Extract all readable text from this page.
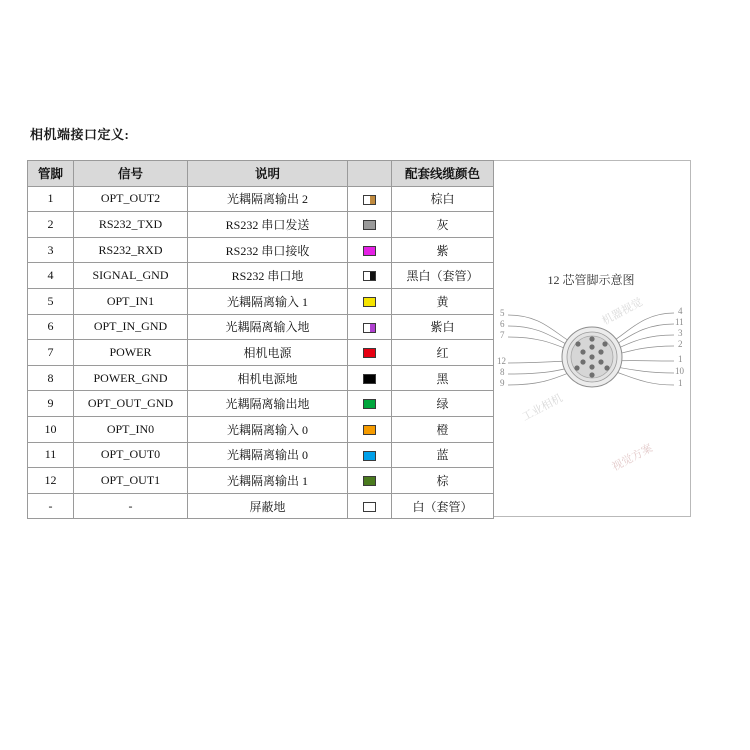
相机端接口定义:
管脚	信号	说明		配套线缆颜色
1	OPT_OUT2	光耦隔离输出 2		棕白
2	RS232_TXD	RS232 串口发送		灰
3	RS232_RXD	RS232 串口接收		紫
4	SIGNAL_GND	RS232 串口地		黑白（套管）
5	OPT_IN1	光耦隔离输入 1		黄
6	OPT_IN_GND	光耦隔离输入地		紫白
7	POWER	相机电源		红
8	POWER_GND	相机电源地		黑
9	OPT_OUT_GND	光耦隔离输出地		绿
10	OPT_IN0	光耦隔离输入 0		橙
11	OPT_OUT0	光耦隔离输出 0		蓝
12	OPT_OUT1	光耦隔离输出 1		棕
-	-	屏蔽地		白（套管）
5
6
7
12
8
9
4
11
3
2
1
10
1
12 芯管脚示意图
机器视觉
工业相机
视觉方案
